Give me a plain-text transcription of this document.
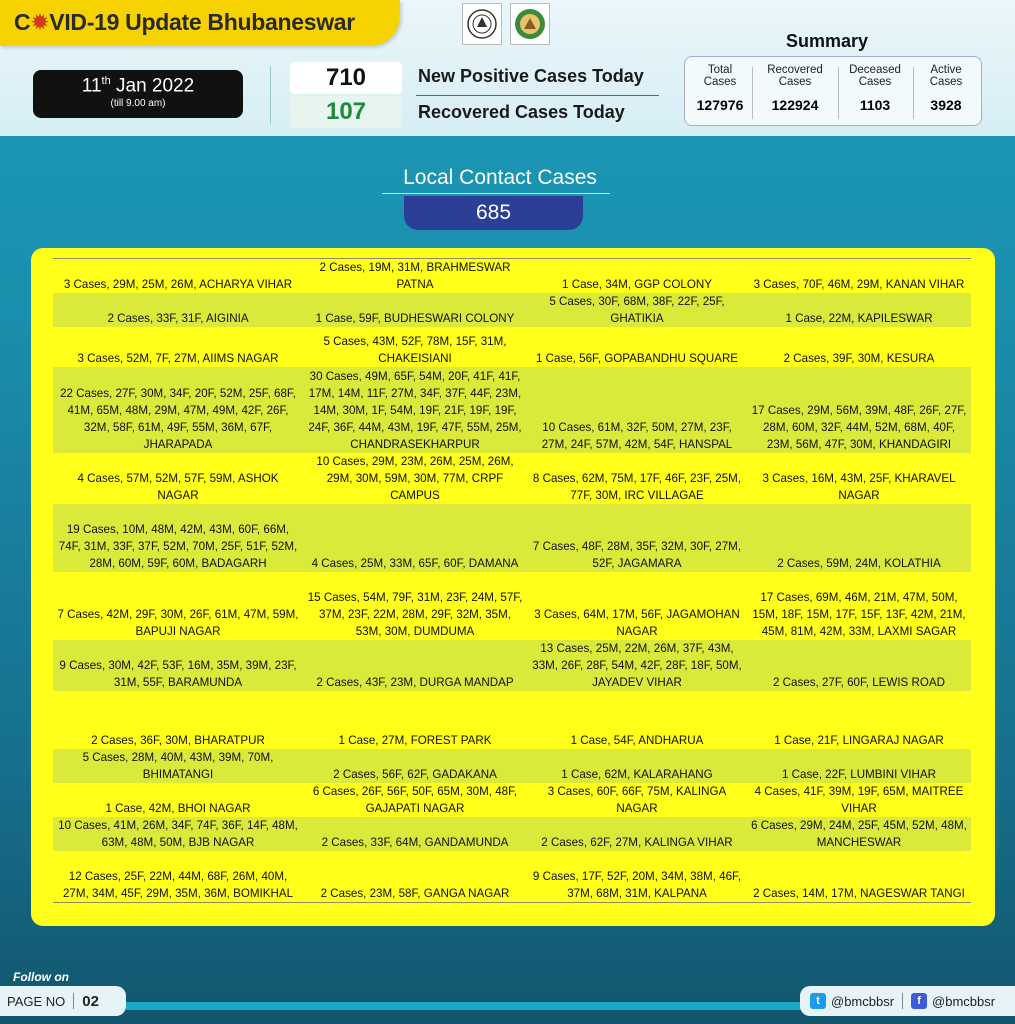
C✹VID-19 Update Bhubaneswar
11th Jan 2022
(till 9.00 am)
710
107
New Positive Cases Today
Recovered Cases Today
Summary
Total Cases
127976
Recovered Cases
122924
Deceased Cases
1103
Active Cases
3928
Local Contact Cases
685
3 Cases, 29M, 25M, 26M, ACHARYA VIHAR	2 Cases, 19M, 31M, BRAHMESWAR PATNA	1 Case, 34M, GGP COLONY	3 Cases, 70F, 46M, 29M, KANAN VIHAR
2 Cases, 33F, 31F, AIGINIA	1 Case, 59F, BUDHESWARI COLONY	5 Cases, 30F, 68M, 38F, 22F, 25F, GHATIKIA	1 Case, 22M, KAPILESWAR
3 Cases, 52M, 7F, 27M, AIIMS NAGAR	5 Cases, 43M, 52F, 78M, 15F, 31M, CHAKEISIANI	1 Case, 56F, GOPABANDHU SQUARE	2 Cases, 39F, 30M, KESURA
22 Cases, 27F, 30M, 34F, 20F, 52M, 25F, 68F, 41M, 65M, 48M, 29M, 47M, 49M, 42F, 26F, 32M, 58F, 61M, 49F, 55M, 36M, 67F, JHARAPADA	30 Cases, 49M, 65F, 54M, 20F, 41F, 41F, 17M, 14M, 11F, 27M, 34F, 37F, 44F, 23M, 14M, 30M, 1F, 54M, 19F, 21F, 19F, 19F, 24F, 36F, 44M, 43M, 19F, 47F, 55M, 25M, CHANDRASEKHARPUR	10 Cases, 61M, 32F, 50M, 27M, 23F, 27M, 24F, 57M, 42M, 54F, HANSPAL	17 Cases, 29M, 56M, 39M, 48F, 26F, 27F, 28M, 60M, 32F, 44M, 52M, 68M, 40F, 23M, 56M, 47F, 30M, KHANDAGIRI
4 Cases, 57M, 52M, 57F, 59M, ASHOK NAGAR	10 Cases, 29M, 23M, 26M, 25M, 26M, 29M, 30M, 59M, 30M, 77M, CRPF CAMPUS	8 Cases, 62M, 75M, 17F, 46F, 23F, 25M, 77F, 30M, IRC VILLAGAE	3 Cases, 16M, 43M, 25F, KHARAVEL NAGAR
19 Cases, 10M, 48M, 42M, 43M, 60F, 66M, 74F, 31M, 33F, 37F, 52M, 70M, 25F, 51F, 52M, 28M, 60M, 59F, 60M, BADAGARH	4 Cases, 25M, 33M, 65F, 60F, DAMANA	7 Cases, 48F, 28M, 35F, 32M, 30F, 27M, 52F, JAGAMARA	2 Cases, 59M, 24M, KOLATHIA
7 Cases, 42M, 29F, 30M, 26F, 61M, 47M, 59M, BAPUJI NAGAR	15 Cases, 54M, 79F, 31M, 23F, 24M, 57F, 37M, 23F, 22M, 28M, 29F, 32M, 35M, 53M, 30M, DUMDUMA	3 Cases, 64M, 17M, 56F, JAGAMOHAN NAGAR	17 Cases, 69M, 46M, 21M, 47M, 50M, 15M, 18F, 15M, 17F, 15F, 13F, 42M, 21M, 45M, 81M, 42M, 33M, LAXMI SAGAR
9 Cases, 30M, 42F, 53F, 16M, 35M, 39M, 23F, 31M, 55F, BARAMUNDA	2 Cases, 43F, 23M, DURGA MANDAP	13 Cases, 25M, 22M, 26M, 37F, 43M, 33M, 26F, 28F, 54M, 42F, 28F, 18F, 50M, JAYADEV VIHAR	2 Cases, 27F, 60F, LEWIS ROAD
2 Cases, 36F, 30M, BHARATPUR	1 Case, 27M, FOREST PARK	1 Case, 54F, ANDHARUA	1 Case, 21F, LINGARAJ NAGAR
5 Cases, 28M, 40M, 43M, 39M, 70M, BHIMATANGI	2 Cases, 56F, 62F, GADAKANA	1 Case, 62M, KALARAHANG	1 Case, 22F, LUMBINI VIHAR
1 Case, 42M, BHOI NAGAR	6 Cases, 26F, 56F, 50F, 65M, 30M, 48F, GAJAPATI NAGAR	3 Cases, 60F, 66F, 75M, KALINGA NAGAR	4 Cases, 41F, 39M, 19F, 65M, MAITREE VIHAR
10 Cases, 41M, 26M, 34F, 74F, 36F, 14F, 48M, 63M, 48M, 50M, BJB NAGAR	2 Cases, 33F, 64M, GANDAMUNDA	2 Cases, 62F, 27M, KALINGA VIHAR	6 Cases, 29M, 24M, 25F, 45M, 52M, 48M, MANCHESWAR
12 Cases, 25F, 22M, 44M, 68F, 26M, 40M, 27M, 34M, 45F, 29M, 35M, 36M, BOMIKHAL	2 Cases, 23M, 58F, GANGA NAGAR	9 Cases, 17F, 52F, 20M, 34M, 38M, 46F, 37M, 68M, 31M, KALPANA	2 Cases, 14M, 17M, NAGESWAR TANGI
Follow on
PAGE NO 02	t @bmcbbsr	f @bmcbbsr
